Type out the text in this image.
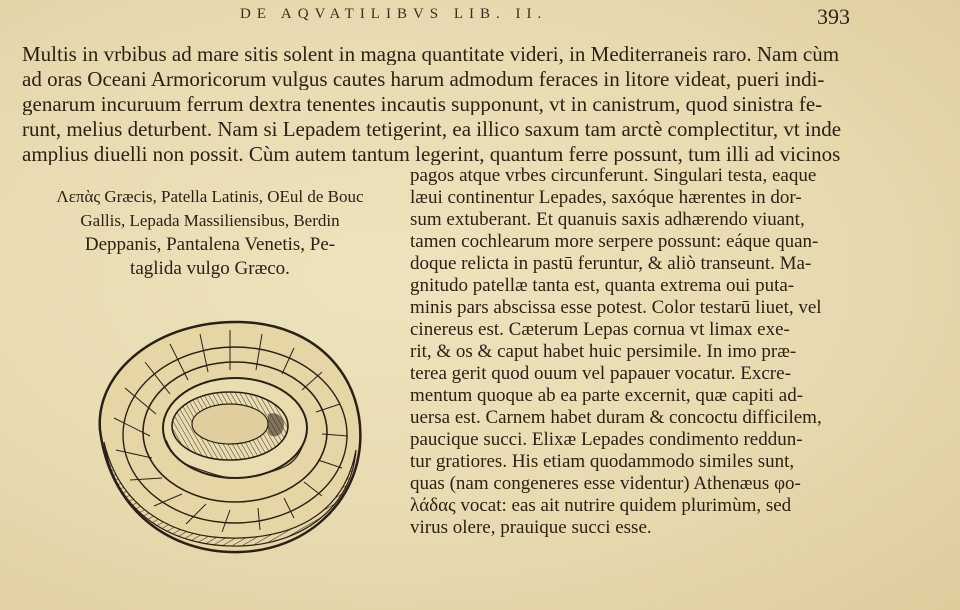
DE AQVATILIBVS LIB. II.	393
Multis in vrbibus ad mare sitis solent in magna quantitate videri, in Mediterraneis raro. Nam cùm
ad oras Oceani Armoricorum vulgus cautes harum admodum feraces in litore videat, pueri indi-
genarum incuruum ferrum dextra tenentes incautis supponunt, vt in canistrum, quod sinistra fe-
runt, melius deturbent. Nam si Lepadem tetigerint, ea illico saxum tam arctè complectitur, vt inde
amplius diuelli non possit. Cùm autem tantum legerint, quantum ferre possunt, tum illi ad vicinos
Λεπὰς Græcis, Patella Latinis, OEul de Bouc
Gallis, Lepada Massiliensibus, Berdin
Deppanis, Pantalena Venetis, Pe-
taglida vulgo Græco.
pagos atque vrbes circunferunt. Singulari testa, eaque
læui continentur Lepades, saxóque hærentes in dor-
sum extuberant. Et quanuis saxis adhærendo viuant,
tamen cochlearum more serpere possunt: eáque quan-
doque relicta in pastū feruntur, & aliò transeunt. Ma-
gnitudo patellæ tanta est, quanta extrema oui puta-
minis pars abscissa esse potest. Color testarū liuet, vel
cinereus est. Cæterum Lepas cornua vt limax exe-
rit, & os & caput habet huic persimile. In imo præ-
terea gerit quod ouum vel papauer vocatur. Excre-
mentum quoque ab ea parte excernit, quæ capiti ad-
uersa est. Carnem habet duram & concoctu difficilem,
paucique succi. Elixæ Lepades condimento reddun-
tur gratiores. His etiam quodammodo similes sunt,
quas (nam congeneres esse videntur) Athenæus φο-
λάδας vocat: eas ait nutrire quidem plurimùm, sed
virus olere, prauique succi esse.
